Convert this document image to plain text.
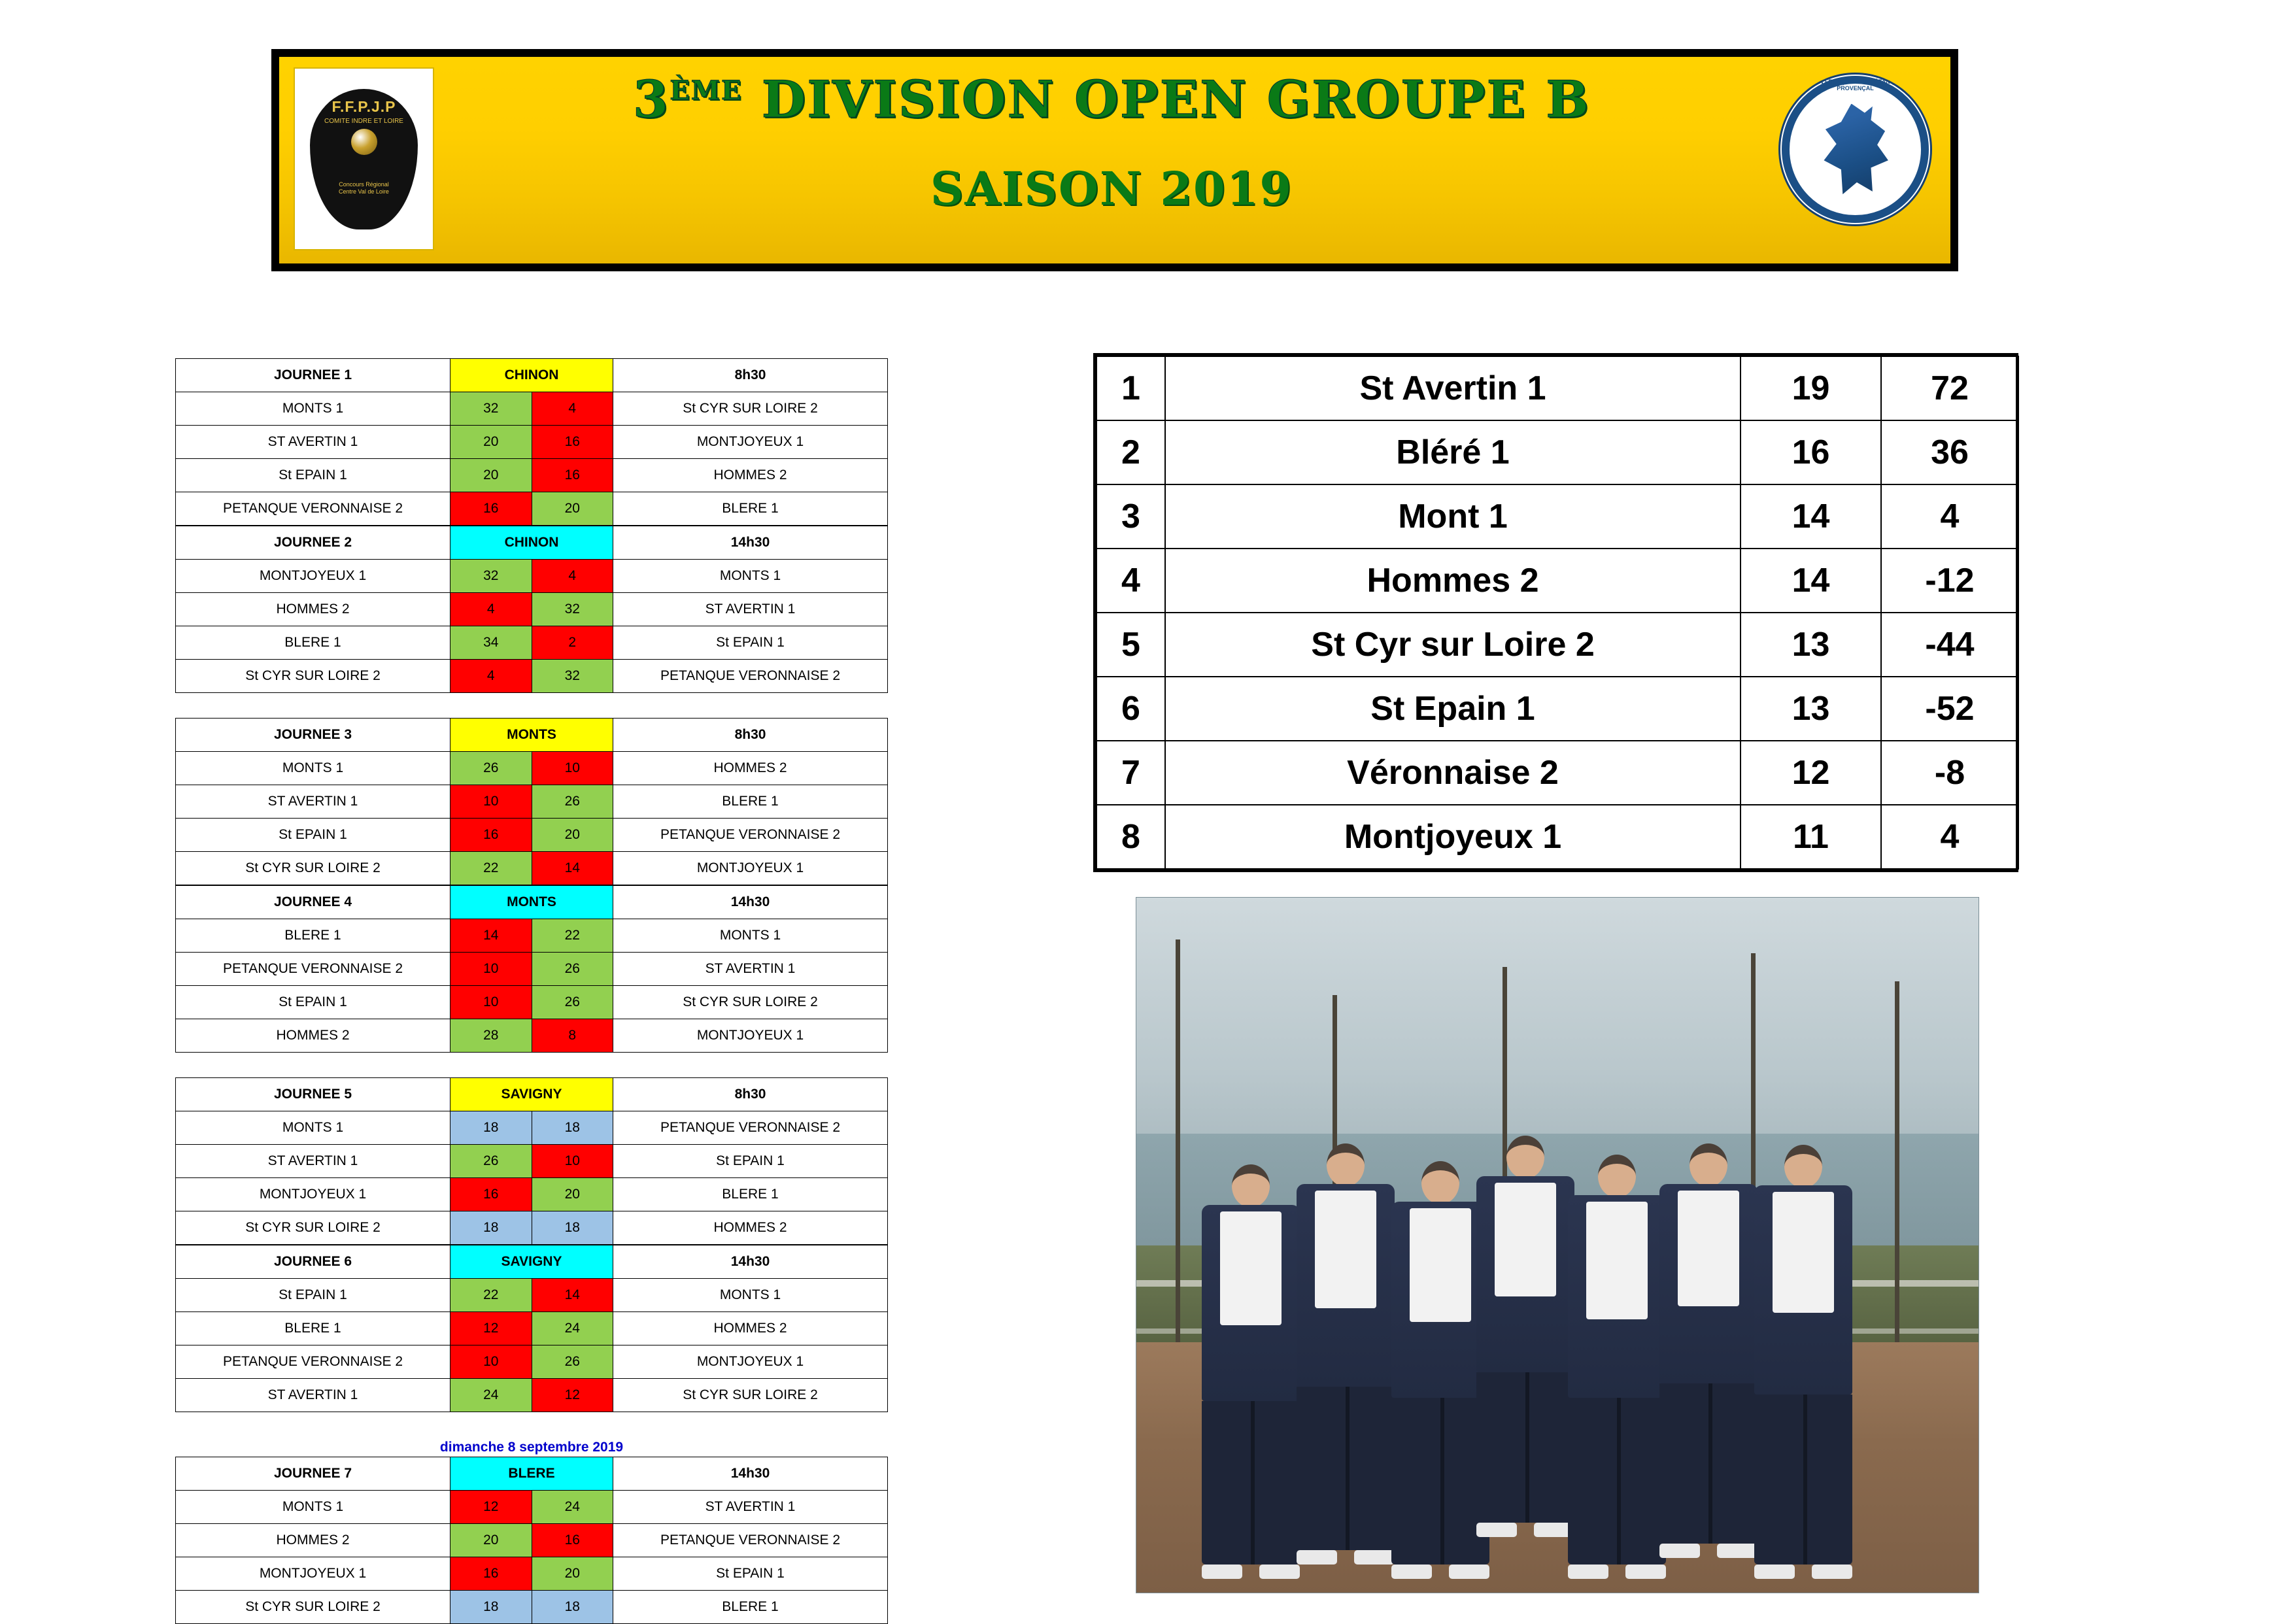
F.F.P.J.P
COMITE INDRE ET LOIRE
Concours Régional
Centre Val de Loire
3ÈME DIVISION OPEN GROUPE B
SAISON 2019
FÉDÉRATION FRANÇAISE DE PÉTANQUE ET JEU PROVENÇAL
JOURNEE 1	CHINON		8h30
MONTS 1	32	4	St CYR SUR LOIRE 2
ST AVERTIN 1	20	16	MONTJOYEUX 1
St EPAIN 1	20	16	HOMMES 2
PETANQUE VERONNAISE 2	16	20	BLERE 1
JOURNEE 2	CHINON		14h30
MONTJOYEUX 1	32	4	MONTS 1
HOMMES 2	4	32	ST AVERTIN 1
BLERE 1	34	2	St EPAIN 1
St CYR SUR LOIRE 2	4	32	PETANQUE VERONNAISE 2
JOURNEE 3	MONTS		8h30
MONTS 1	26	10	HOMMES 2
ST AVERTIN 1	10	26	BLERE 1
St EPAIN 1	16	20	PETANQUE VERONNAISE 2
St CYR SUR LOIRE 2	22	14	MONTJOYEUX 1
JOURNEE 4	MONTS		14h30
BLERE 1	14	22	MONTS 1
PETANQUE VERONNAISE 2	10	26	ST AVERTIN 1
St EPAIN 1	10	26	St CYR SUR LOIRE 2
HOMMES 2	28	8	MONTJOYEUX 1
JOURNEE 5	SAVIGNY		8h30
MONTS 1	18	18	PETANQUE VERONNAISE 2
ST AVERTIN 1	26	10	St EPAIN 1
MONTJOYEUX 1	16	20	BLERE 1
St CYR SUR LOIRE 2	18	18	HOMMES 2
JOURNEE 6	SAVIGNY		14h30
St EPAIN 1	22	14	MONTS 1
BLERE 1	12	24	HOMMES 2
PETANQUE VERONNAISE 2	10	26	MONTJOYEUX 1
ST AVERTIN 1	24	12	St CYR SUR LOIRE 2
dimanche 8 septembre 2019
JOURNEE 7	BLERE		14h30
MONTS 1	12	24	ST AVERTIN 1
HOMMES 2	20	16	PETANQUE VERONNAISE 2
MONTJOYEUX 1	16	20	St EPAIN 1
St CYR SUR LOIRE 2	18	18	BLERE 1
1	St Avertin 1	19	72
2	Bléré 1	16	36
3	Mont 1	14	4
4	Hommes 2	14	-12
5	St Cyr sur Loire 2	13	-44
6	St Epain 1	13	-52
7	Véronnaise 2	12	-8
8	Montjoyeux 1	11	4
